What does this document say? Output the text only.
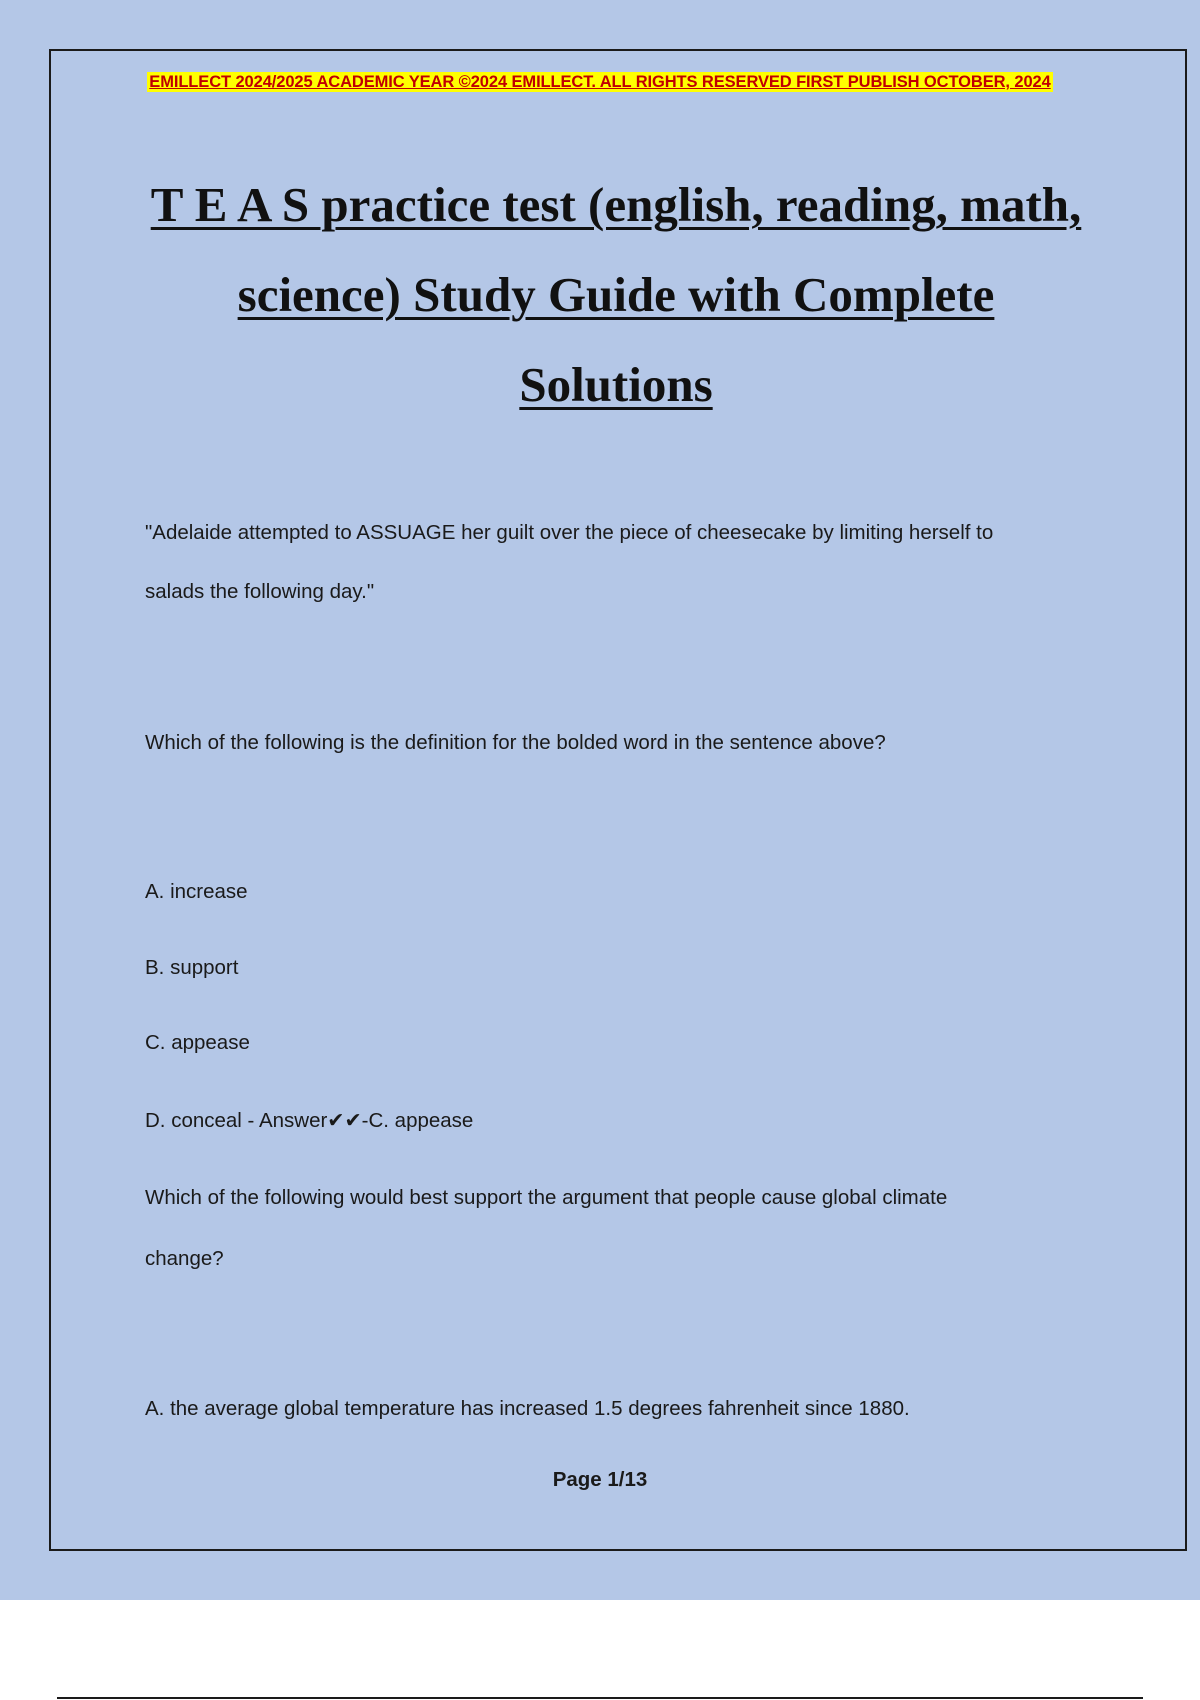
EMILLECT 2024/2025 ACADEMIC YEAR ©2024 EMILLECT. ALL RIGHTS RESERVED FIRST PUBLISH OCTOBER, 2024
T E A S practice test (english, reading, math, science) Study Guide with Complete Solutions

"Adelaide attempted to ASSUAGE her guilt over the piece of cheesecake by limiting herself to

salads the following day."

Which of the following is the definition for the bolded word in the sentence above?

A. increase

B. support

C. appease

D. conceal - Answer✔✔-C. appease

Which of the following would best support the argument that people cause global climate

change?

A. the average global temperature has increased 1.5 degrees fahrenheit since 1880.

Page 1/13
